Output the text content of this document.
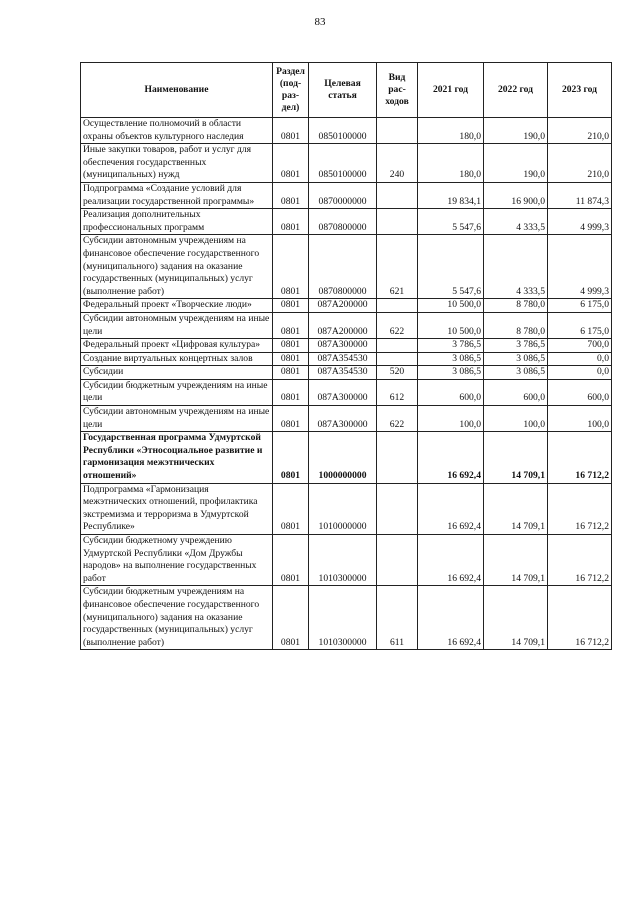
83
Наименование	Раздел (под-раз-дел)	Целевая статья	Вид рас-ходов	2021 год	2022 год	2023 год
Осуществление полномочий в области охраны объектов культурного наследия	0801	0850100000		180,0	190,0	210,0
Иные закупки товаров, работ и услуг для обеспечения государственных (муниципальных) нужд	0801	0850100000	240	180,0	190,0	210,0
Подпрограмма «Создание условий для реализации государственной программы»	0801	0870000000		19 834,1	16 900,0	11 874,3
Реализация дополнительных профессиональных программ	0801	0870800000		5 547,6	4 333,5	4 999,3
Субсидии автономным учреждениям на финансовое обеспечение государственного (муниципального) задания на оказание государственных (муниципальных) услуг (выполнение работ)	0801	0870800000	621	5 547,6	4 333,5	4 999,3
Федеральный проект «Творческие люди»	0801	087A200000		10 500,0	8 780,0	6 175,0
Субсидии автономным учреждениям на иные цели	0801	087A200000	622	10 500,0	8 780,0	6 175,0
Федеральный проект «Цифровая культура»	0801	087A300000		3 786,5	3 786,5	700,0
Создание виртуальных концертных залов	0801	087A354530		3 086,5	3 086,5	0,0
Субсидии	0801	087A354530	520	3 086,5	3 086,5	0,0
Субсидии бюджетным учреждениям на иные цели	0801	087A300000	612	600,0	600,0	600,0
Субсидии автономным учреждениям на иные цели	0801	087A300000	622	100,0	100,0	100,0
Государственная программа Удмуртской Республики «Этносоциальное развитие и гармонизация межэтнических отношений»	0801	1000000000		16 692,4	14 709,1	16 712,2
Подпрограмма «Гармонизация межэтнических отношений, профилактика экстремизма и терроризма в Удмуртской Республике»	0801	1010000000		16 692,4	14 709,1	16 712,2
Субсидии бюджетному учреждению Удмуртской Республики «Дом Дружбы народов» на выполнение государственных работ	0801	1010300000		16 692,4	14 709,1	16 712,2
Субсидии бюджетным учреждениям на финансовое обеспечение государственного (муниципального) задания на оказание государственных (муниципальных) услуг (выполнение работ)	0801	1010300000	611	16 692,4	14 709,1	16 712,2
